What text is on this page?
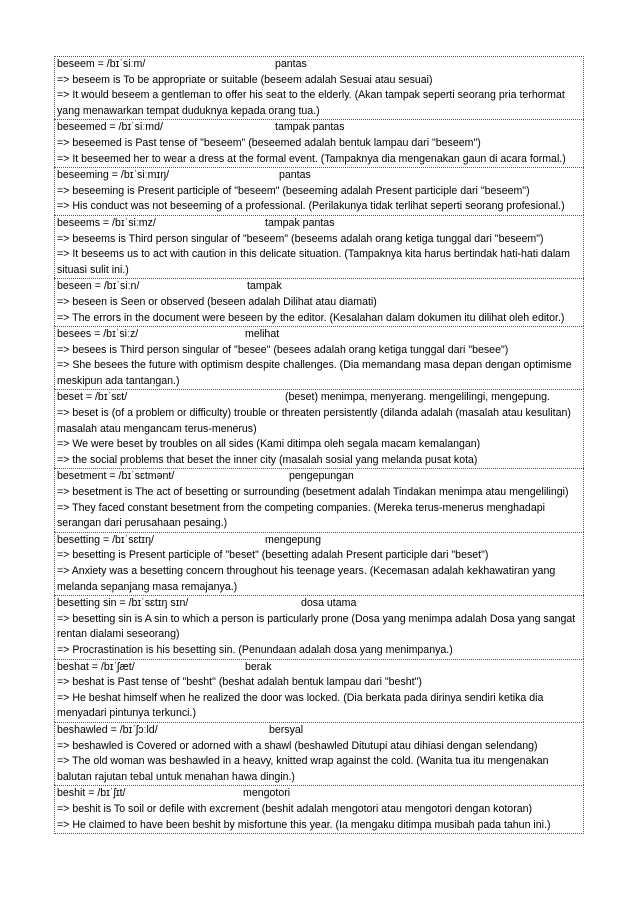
beseem = /bɪˈsiːm/	pantas
=> beseem is To be appropriate or suitable (beseem adalah Sesuai atau sesuai)
=> It would beseem a gentleman to offer his seat to the elderly. (Akan tampak seperti seorang pria terhormat yang menawarkan tempat duduknya kepada orang tua.)
beseemed = /bɪˈsiːmd/	tampak pantas
=> beseemed is Past tense of "beseem" (beseemed adalah bentuk lampau dari "beseem")
=> It beseemed her to wear a dress at the formal event. (Tampaknya dia mengenakan gaun di acara formal.)
beseeming = /bɪˈsiːmɪŋ/	pantas
=> beseeming is Present participle of "beseem" (beseeming adalah Present participle dari "beseem")
=> His conduct was not beseeming of a professional. (Perilakunya tidak terlihat seperti seorang profesional.)
beseems = /bɪˈsiːmz/	tampak pantas
=> beseems is Third person singular of "beseem" (beseems adalah orang ketiga tunggal dari "beseem")
=> It beseems us to act with caution in this delicate situation. (Tampaknya kita harus bertindak hati-hati dalam situasi sulit ini.)
beseen = /bɪˈsiːn/	tampak
=> beseen is Seen or observed (beseen adalah Dilihat atau diamati)
=> The errors in the document were beseen by the editor. (Kesalahan dalam dokumen itu dilihat oleh editor.)
besees = /bɪˈsiːz/	melihat
=> besees is Third person singular of "besee" (besees adalah orang ketiga tunggal dari "besee")
=> She besees the future with optimism despite challenges. (Dia memandang masa depan dengan optimisme meskipun ada tantangan.)
beset = /bɪˈsɛt/	(beset) menimpa, menyerang. mengelilingi, mengepung.
=> beset is (of a problem or difficulty) trouble or threaten persistently (dilanda adalah (masalah atau kesulitan) masalah atau mengancam terus-menerus)
=> We were beset by troubles on all sides (Kami ditimpa oleh segala macam kemalangan)
=> the social problems that beset the inner city (masalah sosial yang melanda pusat kota)
besetment = /bɪˈsɛtmənt/	pengepungan
=> besetment is The act of besetting or surrounding (besetment adalah Tindakan menimpa atau mengelilingi)
=> They faced constant besetment from the competing companies. (Mereka terus-menerus menghadapi serangan dari perusahaan pesaing.)
besetting = /bɪˈsɛtɪŋ/	mengepung
=> besetting is Present participle of "beset" (besetting adalah Present participle dari "beset")
=> Anxiety was a besetting concern throughout his teenage years. (Kecemasan adalah kekhawatiran yang melanda sepanjang masa remajanya.)
besetting sin = /bɪˈsɛtɪŋ sɪn/	dosa utama
=> besetting sin is A sin to which a person is particularly prone (Dosa yang menimpa adalah Dosa yang sangat rentan dialami seseorang)
=> Procrastination is his besetting sin. (Penundaan adalah dosa yang menimpanya.)
beshat = /bɪˈʃæt/	berak
=> beshat is Past tense of "besht" (beshat adalah bentuk lampau dari "besht")
=> He beshat himself when he realized the door was locked. (Dia berkata pada dirinya sendiri ketika dia menyadari pintunya terkunci.)
beshawled = /bɪˈʃɔːld/	bersyal
=> beshawled is Covered or adorned with a shawl (beshawled Ditutupi atau dihiasi dengan selendang)
=> The old woman was beshawled in a heavy, knitted wrap against the cold. (Wanita tua itu mengenakan balutan rajutan tebal untuk menahan hawa dingin.)
beshit = /bɪˈʃɪt/	mengotori
=> beshit is To soil or defile with excrement (beshit adalah mengotori atau mengotori dengan kotoran)
=> He claimed to have been beshit by misfortune this year. (Ia mengaku ditimpa musibah pada tahun ini.)
